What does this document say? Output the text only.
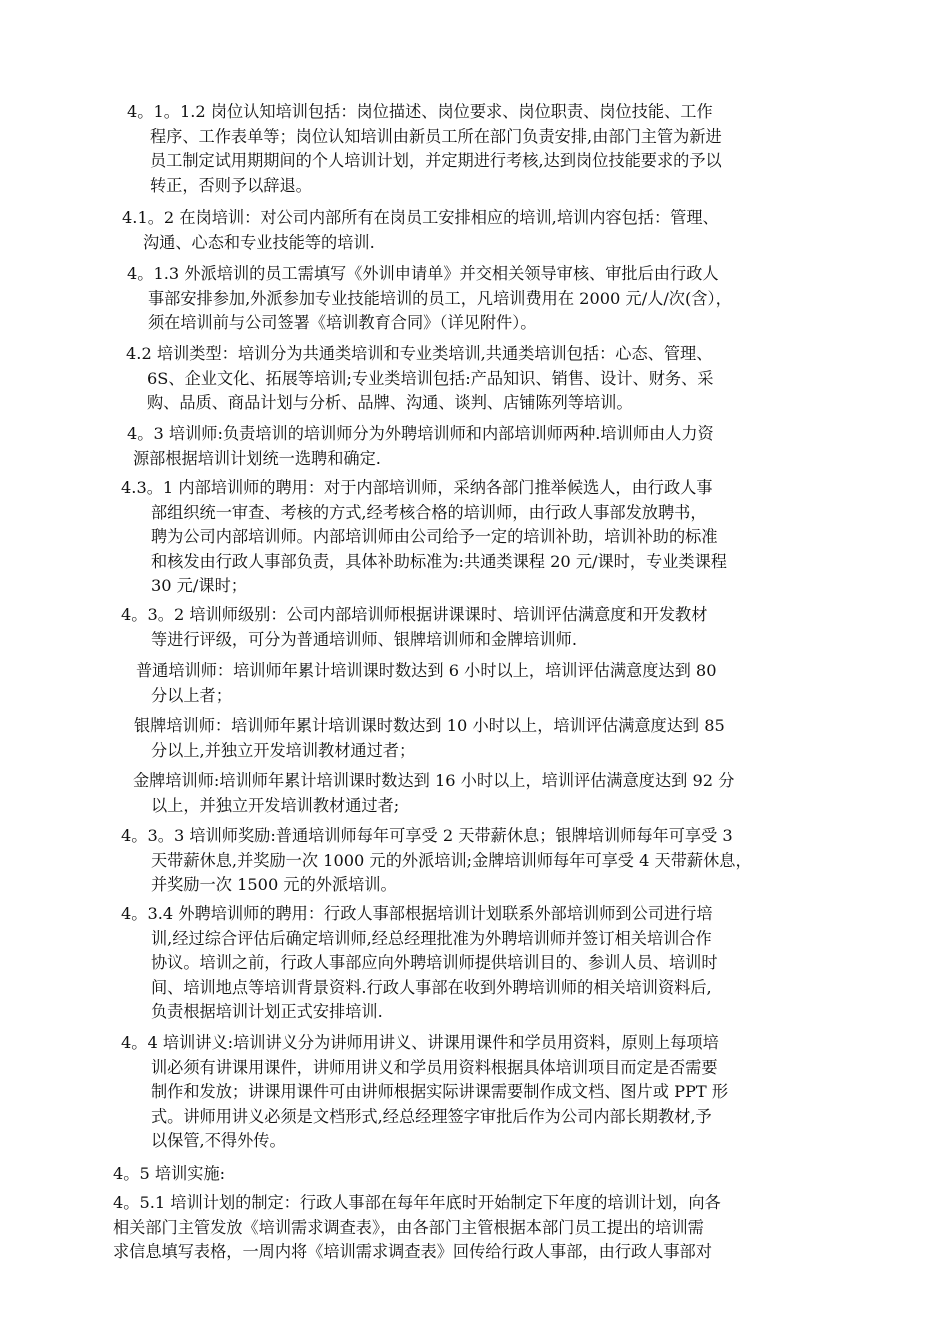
4。1。1.2 岗位认知培训包括：岗位描述、岗位要求、岗位职责、岗位技能、工作
程序、工作表单等；岗位认知培训由新员工所在部门负责安排,由部门主管为新进
员工制定试用期期间的个人培训计划，并定期进行考核,达到岗位技能要求的予以
转正，否则予以辞退。
4.1。2 在岗培训：对公司内部所有在岗员工安排相应的培训,培训内容包括：管理、
沟通、心态和专业技能等的培训.
4。1.3 外派培训的员工需填写《外训申请单》并交相关领导审核、审批后由行政人
事部安排参加,外派参加专业技能培训的员工，凡培训费用在 2000 元/人/次(含），
须在培训前与公司签署《培训教育合同》（详见附件）。
4.2 培训类型：培训分为共通类培训和专业类培训,共通类培训包括：心态、管理、
6S、企业文化、拓展等培训;专业类培训包括:产品知识、销售、设计、财务、采
购、品质、商品计划与分析、品牌、沟通、谈判、店铺陈列等培训。
4。3 培训师:负责培训的培训师分为外聘培训师和内部培训师两种.培训师由人力资
源部根据培训计划统一选聘和确定.
4.3。1 内部培训师的聘用：对于内部培训师，采纳各部门推举候选人，由行政人事
部组织统一审查、考核的方式,经考核合格的培训师，由行政人事部发放聘书，
聘为公司内部培训师。内部培训师由公司给予一定的培训补助，培训补助的标准
和核发由行政人事部负责，具体补助标准为:共通类课程 20 元/课时，专业类课程
30 元/课时；
4。3。2 培训师级别：公司内部培训师根据讲课课时、培训评估满意度和开发教材
等进行评级，可分为普通培训师、银牌培训师和金牌培训师.
普通培训师：培训师年累计培训课时数达到 6 小时以上，培训评估满意度达到 80
分以上者；
银牌培训师：培训师年累计培训课时数达到 10 小时以上，培训评估满意度达到 85
分以上,并独立开发培训教材通过者；
金牌培训师:培训师年累计培训课时数达到 16 小时以上，培训评估满意度达到 92 分
以上，并独立开发培训教材通过者;
4。3。3 培训师奖励:普通培训师每年可享受 2 天带薪休息；银牌培训师每年可享受 3
天带薪休息,并奖励一次 1000 元的外派培训;金牌培训师每年可享受 4 天带薪休息，
并奖励一次 1500 元的外派培训。
4。3.4 外聘培训师的聘用：行政人事部根据培训计划联系外部培训师到公司进行培
训,经过综合评估后确定培训师,经总经理批准为外聘培训师并签订相关培训合作
协议。培训之前，行政人事部应向外聘培训师提供培训目的、参训人员、培训时
间、培训地点等培训背景资料.行政人事部在收到外聘培训师的相关培训资料后,
负责根据培训计划正式安排培训.
4。4 培训讲义:培训讲义分为讲师用讲义、讲课用课件和学员用资料，原则上每项培
训必须有讲课用课件，讲师用讲义和学员用资料根据具体培训项目而定是否需要
制作和发放；讲课用课件可由讲师根据实际讲课需要制作成文档、图片或 PPT 形
式。讲师用讲义必须是文档形式,经总经理签字审批后作为公司内部长期教材,予
以保管,不得外传。
4。5 培训实施:
4。5.1 培训计划的制定：行政人事部在每年年底时开始制定下年度的培训计划，向各
相关部门主管发放《培训需求调查表》，由各部门主管根据本部门员工提出的培训需
求信息填写表格，一周内将《培训需求调查表》回传给行政人事部，由行政人事部对
